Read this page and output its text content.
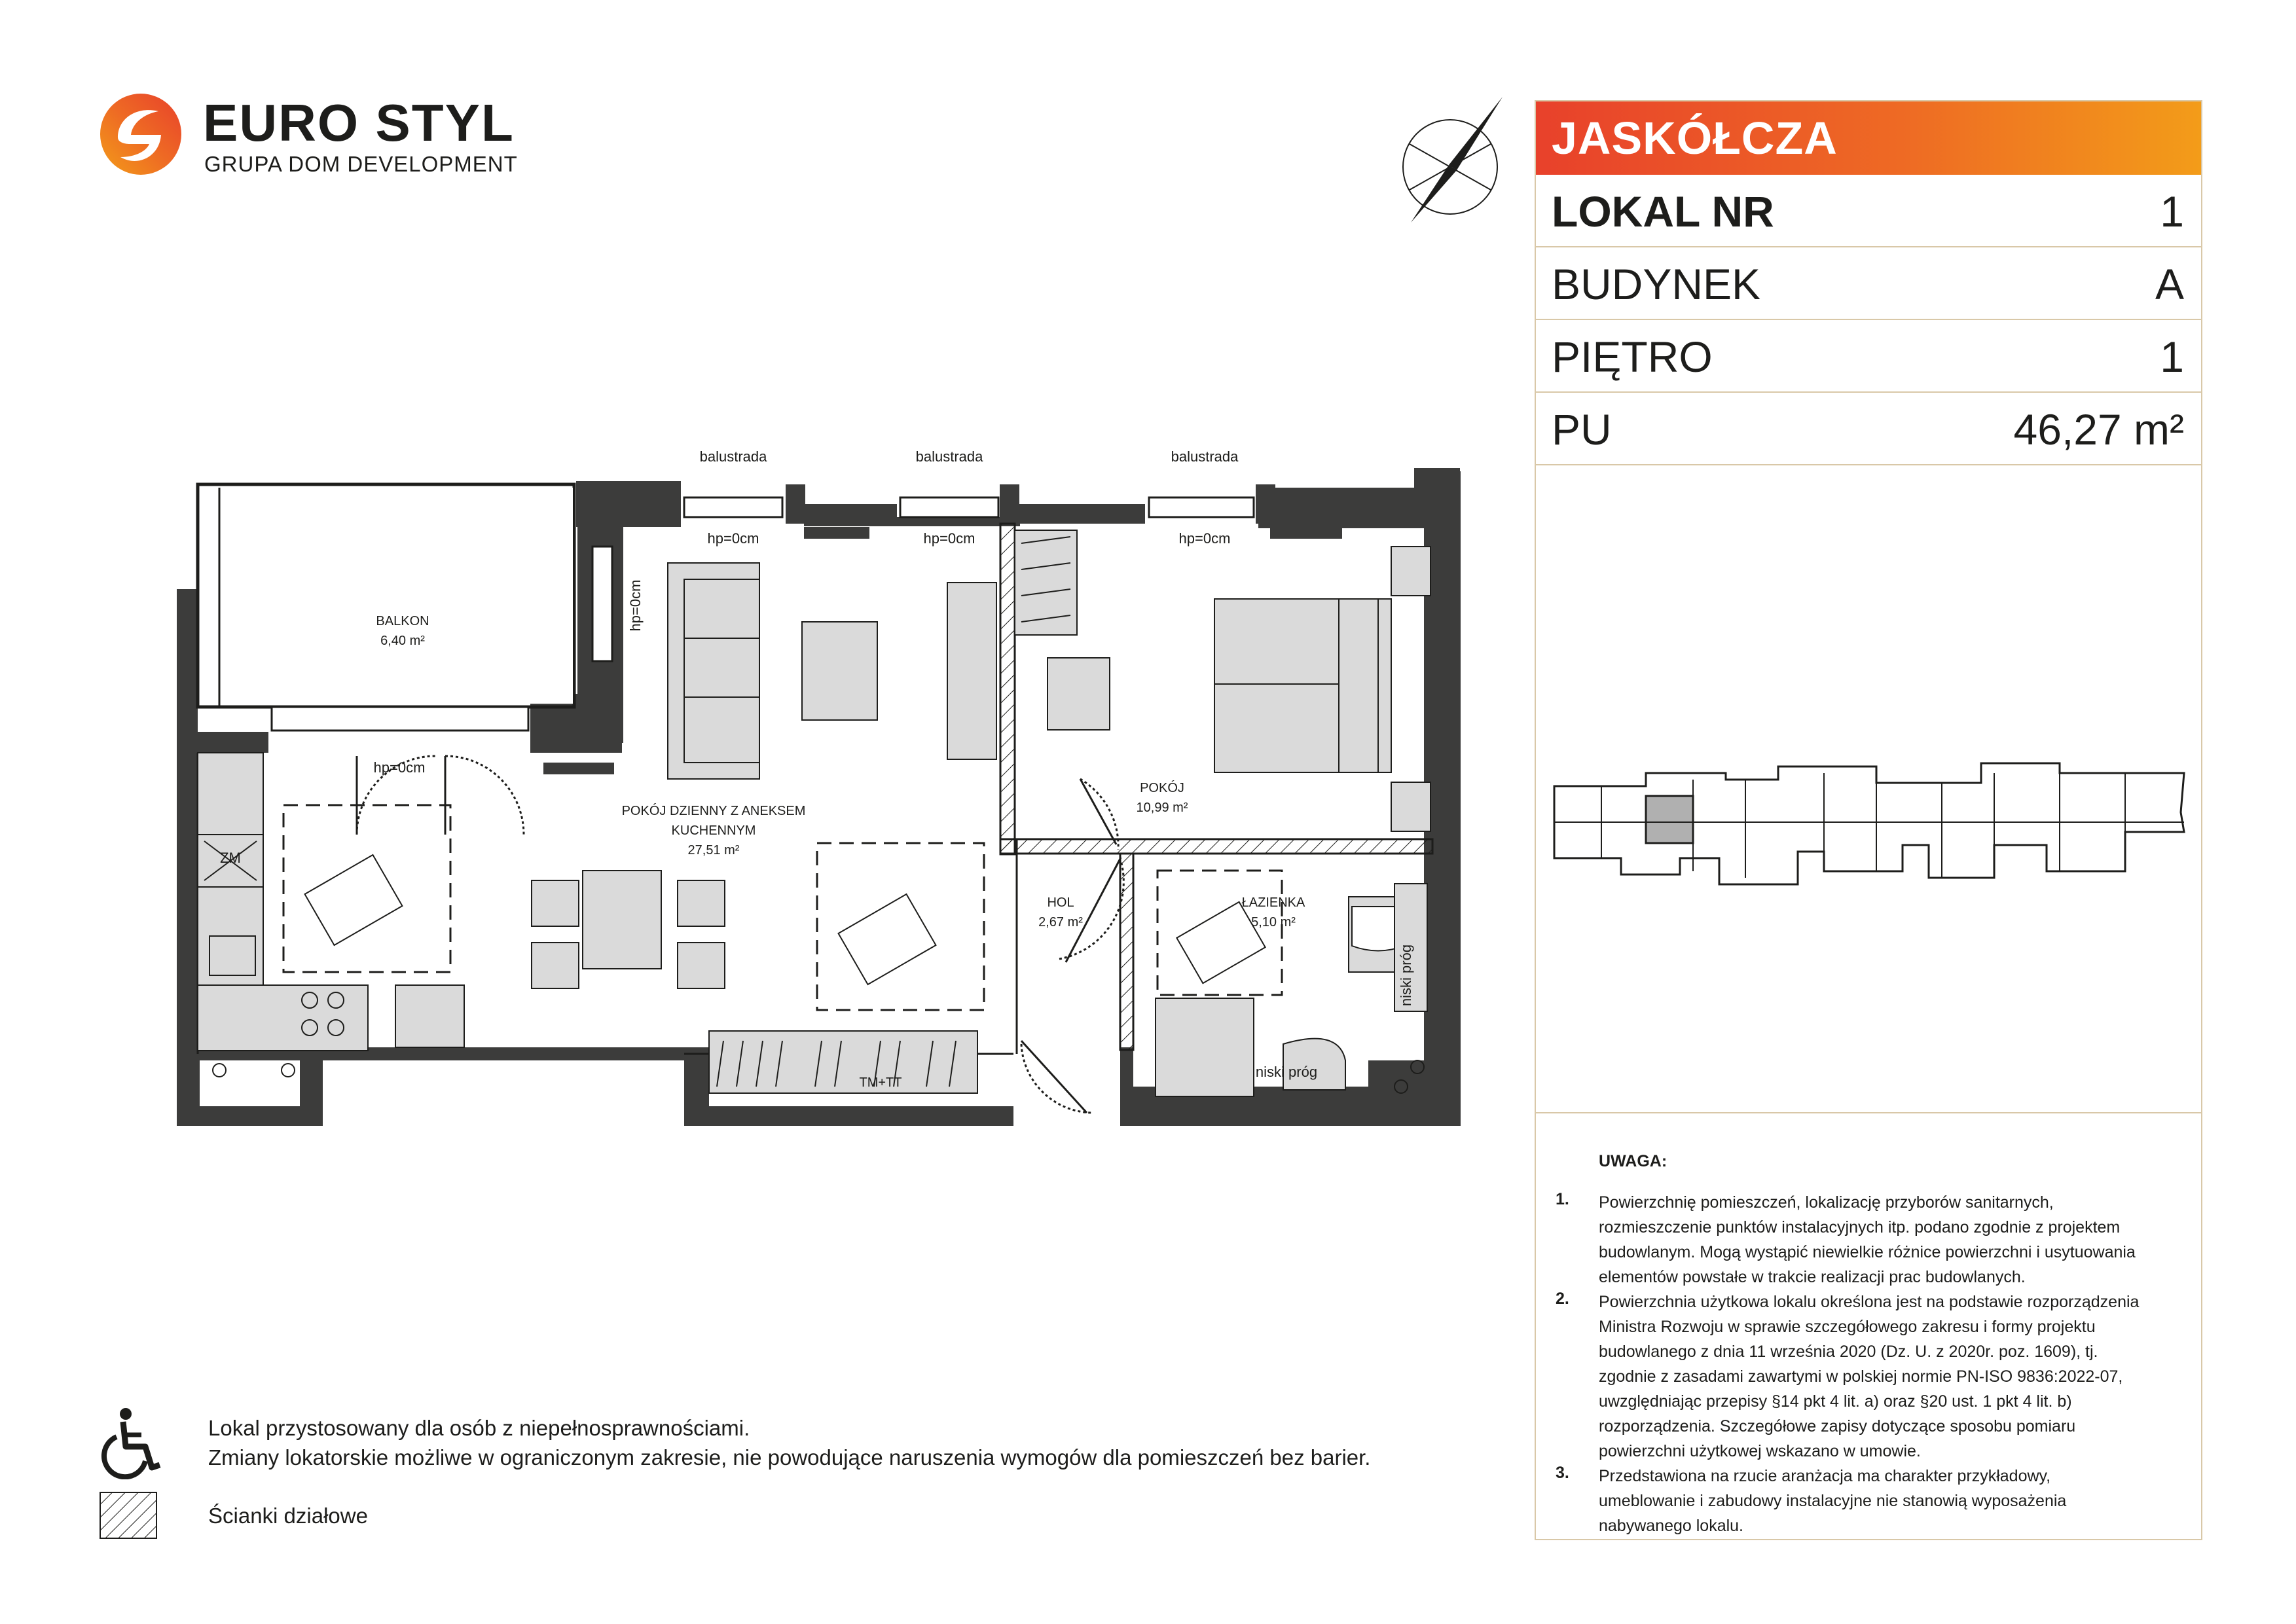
EURO STYL
GRUPA DOM DEVELOPMENT
JASKÓŁCZA
LOKAL NR	1
BUDYNEK	A
PIĘTRO	1
PU	46,27 m²
UWAGA:
1. Powierzchnię pomieszczeń, lokalizację przyborów sanitarnych,
rozmieszczenie punktów instalacyjnych itp. podano zgodnie z projektem
budowlanym. Mogą wystąpić niewielkie różnice powierzchni i usytuowania
elementów powstałe w trakcie realizacji prac budowlanych.
2. Powierzchnia użytkowa lokalu określona jest na podstawie rozporządzenia
Ministra Rozwoju w sprawie szczegółowego zakresu i formy projektu
budowlanego z dnia 11 września 2020 (Dz. U. z 2020r. poz. 1609), tj.
zgodnie z zasadami zawartymi w polskiej normie PN-ISO 9836:2022-07,
uwzględniając przepisy §14 pkt 4 lit. a) oraz §20 ust. 1 pkt 4 lit. b)
rozporządzenia. Szczegółowe zapisy dotyczące sposobu pomiaru
powierzchni użytkowej wskazano w umowie.
3. Przedstawiona na rzucie aranżacja ma charakter przykładowy,
umeblowanie i zabudowy instalacyjne nie stanowią wyposażenia
nabywanego lokalu.
BALKON
6,40 m²
balustrada	balustrada	balustrada
hp=0cm	hp=0cm	hp=0cm
hp=0cm
hp=0cm
ZM
TM+TT
POKÓJ DZIENNY Z ANEKSEM
KUCHENNYM
27,51 m²
POKÓJ
10,99 m²
HOL
2,67 m²
ŁAZIENKA
5,10 m²
niski próg
niski próg
Lokal przystosowany dla osób z niepełnosprawnościami.
Zmiany lokatorskie możliwe w ograniczonym zakresie, nie powodujące naruszenia wymogów dla pomieszczeń bez barier.
Ścianki działowe
